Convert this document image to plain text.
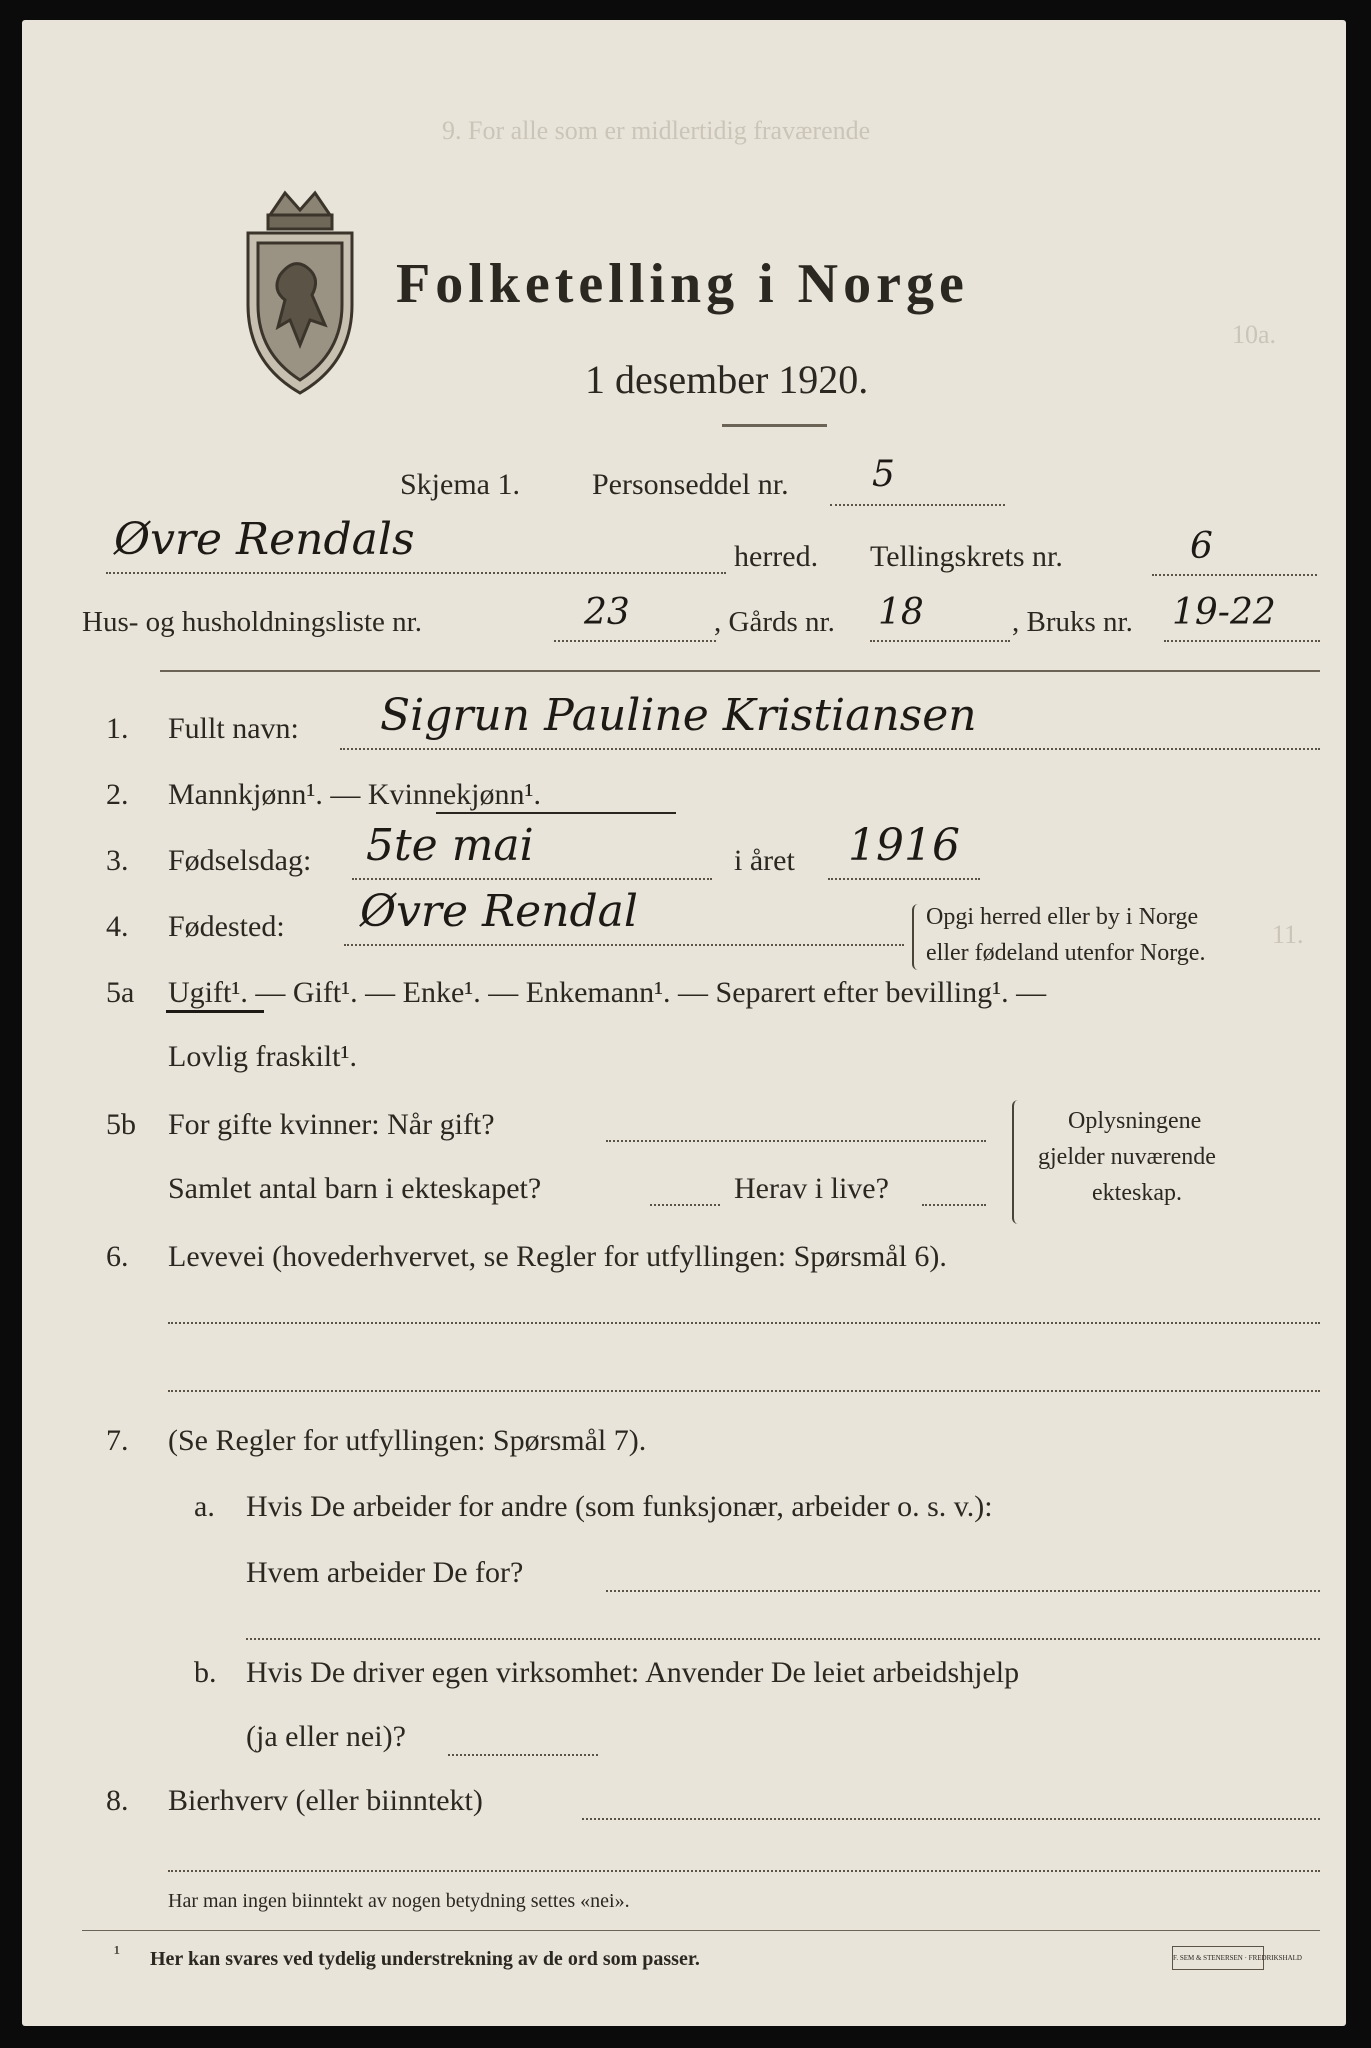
9. For alle som er midlertidig fraværende
10a.
11.
Folketelling i Norge
1 desember 1920.
Skjema 1. Personseddel nr. 5
Øvre Rendals	herred. Tellingskrets nr.	6
Hus- og husholdningsliste nr.	23	, Gårds nr. 18	, Bruks nr. 19-22
1. Fullt navn: Sigrun Pauline Kristiansen
2. Mannkjønn¹. — Kvinnekjønn¹.
3. Fødselsdag: 5te mai	i året 1916
4. Fødested: Øvre Rendal	Opgi herred eller by i Norge
eller fødeland utenfor Norge.
5a Ugift¹. — Gift¹. — Enke¹. — Enkemann¹. — Separert efter bevilling¹. —
Lovlig fraskilt¹.
5b For gifte kvinner: Når gift?
Samlet antal barn i ekteskapet?	Herav i live?
Oplysningene
gjelder nuværende
ekteskap.
6. Levevei (hovederhvervet, se Regler for utfyllingen: Spørsmål 6).
7. (Se Regler for utfyllingen: Spørsmål 7).
a. Hvis De arbeider for andre (som funksjonær, arbeider o. s. v.):
Hvem arbeider De for?
b. Hvis De driver egen virksomhet: Anvender De leiet arbeidshjelp
(ja eller nei)?
8. Bierhverv (eller biinntekt)
Har man ingen biinntekt av nogen betydning settes «nei».
¹ Her kan svares ved tydelig understrekning av de ord som passer.	F. SEM & STENERSEN · FREDRIKSHALD
